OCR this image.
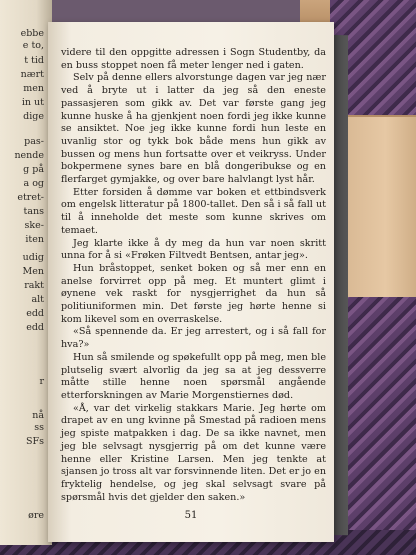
ebbe
e to,
t tid
nært
men
in ut
dige
pas-
nende
g på
a og
etret-
tans
ske-
iten
udig
Men
rakt
alt
edd
edd
r
nå
ss
SFs
øre

videre til den oppgitte adressen i Sogn Studentby, da en buss stoppet noen få meter lenger ned i gaten.

Selv på denne ellers alvorstunge dagen var jeg nær ved å bryte ut i latter da jeg så den eneste passasjeren som gikk av. Det var første gang jeg kunne huske å ha gjenkjent noen fordi jeg ikke kunne se ansiktet. Noe jeg ikke kunne fordi hun leste en uvanlig stor og tykk bok både mens hun gikk av bussen og mens hun fortsatte over et veikryss. Under bokpermene synes bare en blå dongeribukse og en flerfarget gymjakke, og over bare halvlangt lyst hår.

Etter forsiden å dømme var boken et ettbindsverk om engelsk litteratur på 1800-tallet. Den så i så fall ut til å inneholde det meste som kunne skrives om temaet.

Jeg klarte ikke å dy meg da hun var noen skritt unna for å si «Frøken Filtvedt Bentsen, antar jeg».

Hun bråstoppet, senket boken og så mer enn en anelse forvirret opp på meg. Et muntert glimt i øynene vek raskt for nysgjerrighet da hun så politiuniformen min. Det første jeg hørte henne si kom likevel som en overraskelse.

«Så spennende da. Er jeg arrestert, og i så fall for hva?»

Hun så smilende og spøkefullt opp på meg, men ble plutselig svært alvorlig da jeg sa at jeg dessverre måtte stille henne noen spørsmål angående etterforskningen av Marie Morgenstiernes død.

«Å, var det virkelig stakkars Marie. Jeg hørte om drapet av en ung kvinne på Smestad på radioen mens jeg spiste matpakken i dag. De sa ikke navnet, men jeg ble selvsagt nysgjerrig på om det kunne være henne eller Kristine Larsen. Men jeg tenkte at sjansen jo tross alt var forsvinnende liten. Det er jo en fryktelig hendelse, og jeg skal selvsagt svare på spørsmål hvis det gjelder den saken.»

51
